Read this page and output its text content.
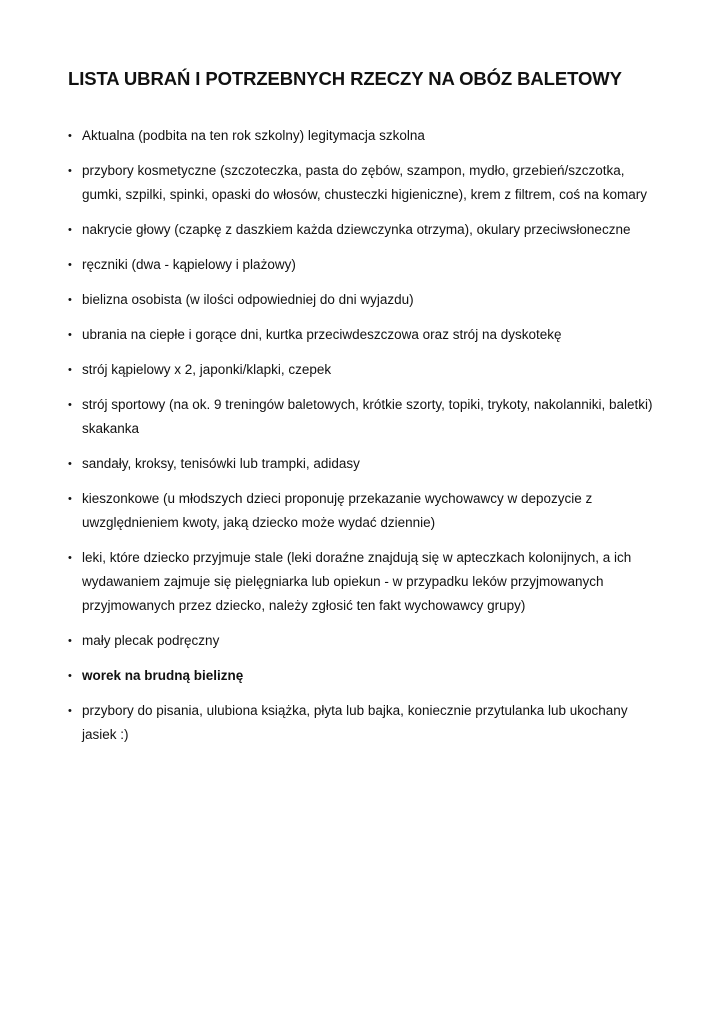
LISTA UBRAŃ I POTRZEBNYCH RZECZY NA OBÓZ BALETOWY
• Aktualna (podbita na ten rok szkolny) legitymacja szkolna
• przybory kosmetyczne (szczoteczka, pasta do zębów, szampon, mydło, grzebień/szczotka, gumki, szpilki, spinki, opaski do włosów, chusteczki higieniczne), krem z filtrem, coś na komary
• nakrycie głowy (czapkę z daszkiem każda dziewczynka otrzyma), okulary przeciwsłoneczne
• ręczniki (dwa - kąpielowy i plażowy)
• bielizna osobista (w ilości odpowiedniej do dni wyjazdu)
• ubrania na ciepłe i gorące dni, kurtka przeciwdeszczowa oraz strój na dyskotekę
• strój kąpielowy x 2, japonki/klapki, czepek
• strój sportowy (na ok. 9 treningów baletowych, krótkie szorty, topiki, trykoty, nakolanniki, baletki) skakanka
• sandały, kroksy, tenisówki lub trampki, adidasy
• kieszonkowe (u młodszych dzieci proponuję przekazanie wychowawcy w depozycie z uwzględnieniem kwoty, jaką dziecko może wydać dziennie)
• leki, które dziecko przyjmuje stale (leki doraźne znajdują się w apteczkach kolonijnych, a ich wydawaniem zajmuje się pielęgniarka lub opiekun - w przypadku leków przyjmowanych przyjmowanych przez dziecko, należy zgłosić ten fakt wychowawcy grupy)
• mały plecak podręczny
• worek na brudną bieliznę
• przybory do pisania, ulubiona książka, płyta lub bajka, koniecznie przytulanka lub ukochany jasiek :)
